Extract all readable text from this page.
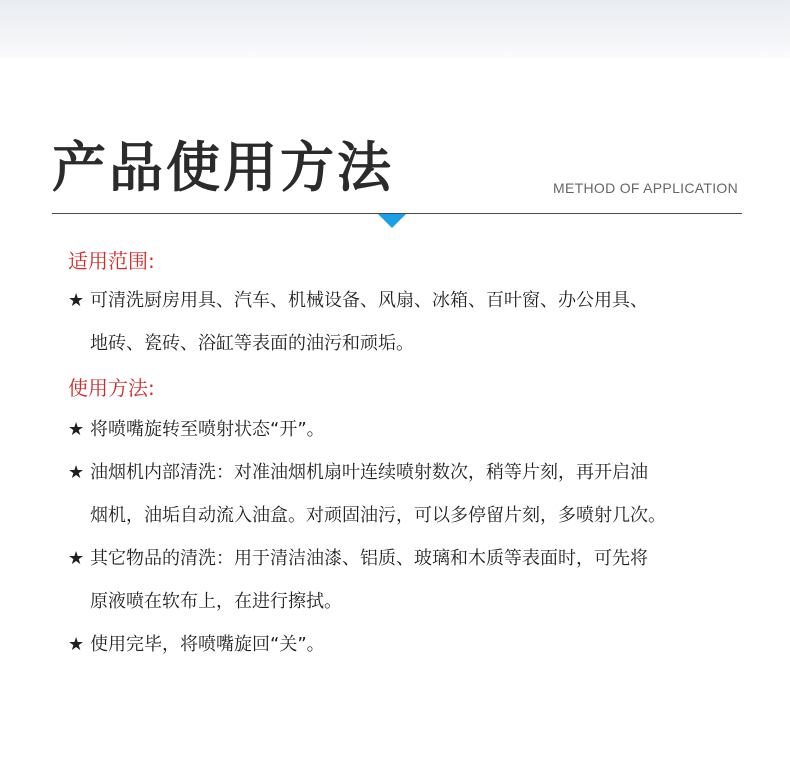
产品使用方法	METHOD OF APPLICATION
适用范围:
★ 可清洗厨房用具、汽车、机械设备、风扇、冰箱、百叶窗、办公用具、
地砖、瓷砖、浴缸等表面的油污和顽垢。
使用方法:
★ 将喷嘴旋转至喷射状态“开”。
★ 油烟机内部清洗：对准油烟机扇叶连续喷射数次，稍等片刻，再开启油
烟机，油垢自动流入油盒。对顽固油污，可以多停留片刻，多喷射几次。
★ 其它物品的清洗：用于清洁油漆、铝质、玻璃和木质等表面时，可先将
原液喷在软布上，在进行擦拭。
★ 使用完毕，将喷嘴旋回“关”。
